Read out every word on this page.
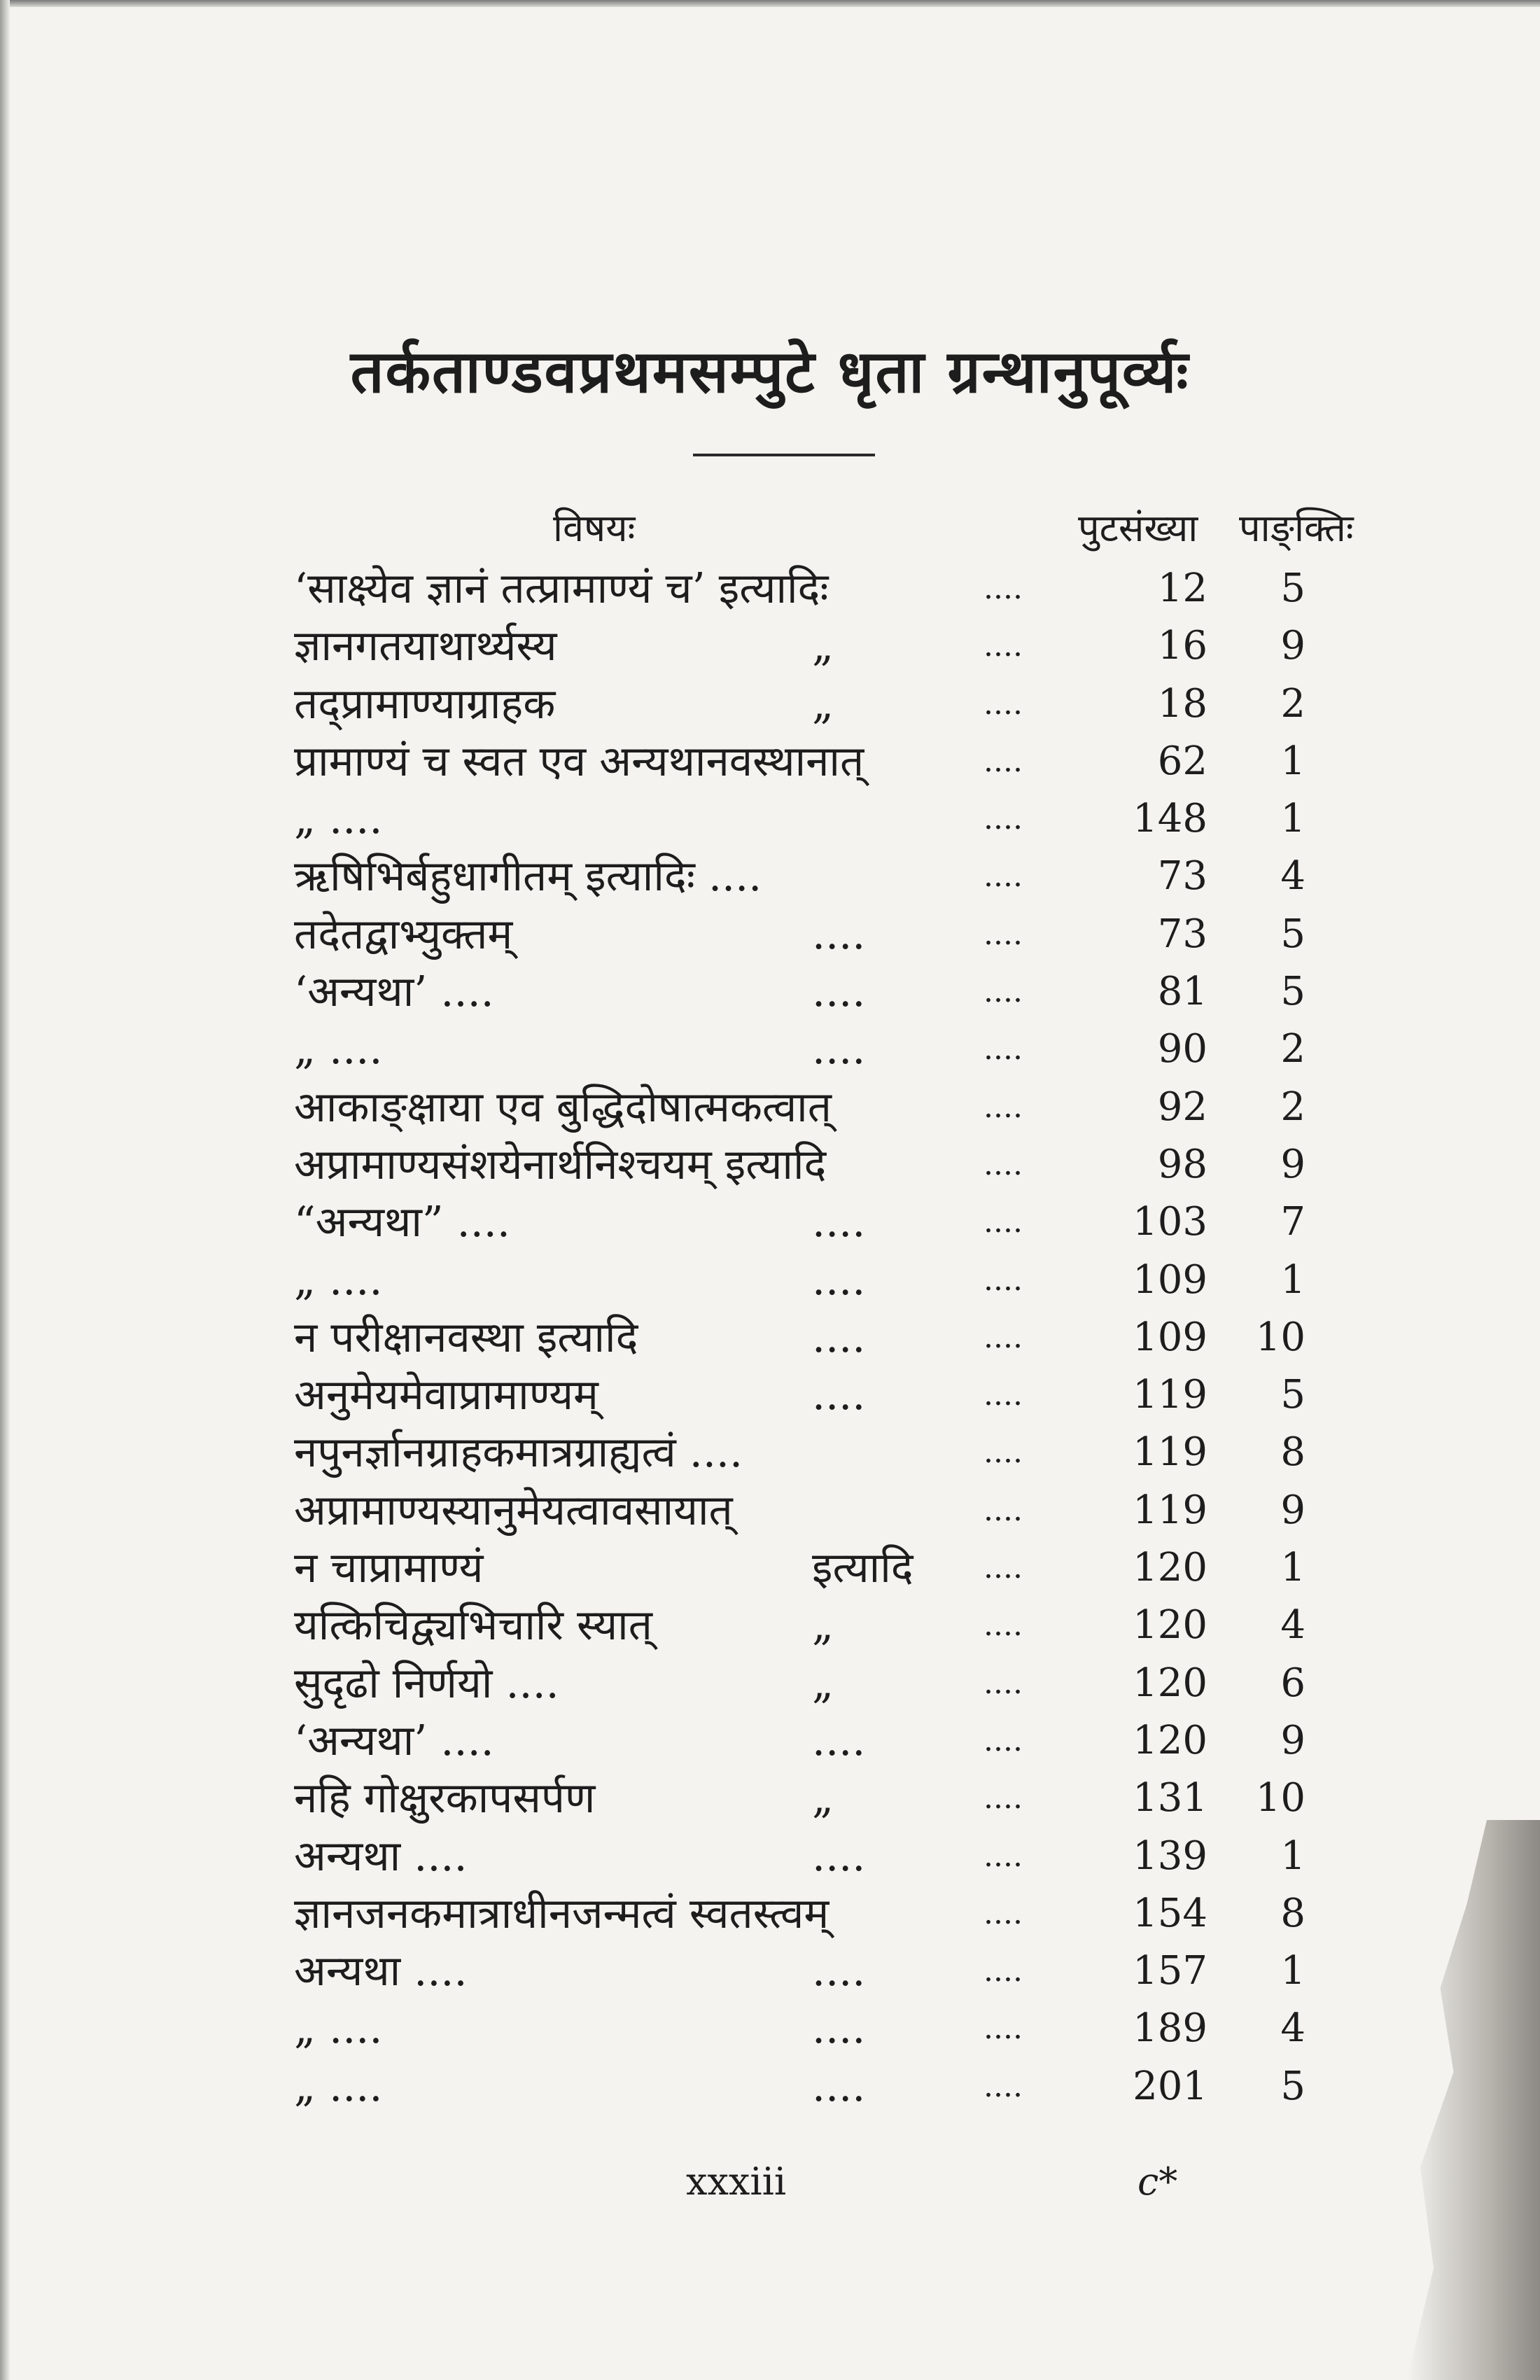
तर्कताण्डवप्रथमसम्पुटे धृता ग्रन्थानुपूर्व्यः
विषयः	पुटसंख्या पाङ्क्तिः
‘साक्ष्येव ज्ञानं तत्प्रामाण्यं च’ इत्यादिः	....	12	5
ज्ञानगतयाथार्थ्यस्य	„	....	16	9
तद्प्रामाण्याग्राहक	„	....	18	2
प्रामाण्यं च स्वत एव अन्यथानवस्थानात्	....	62	1
„ ....	....	148	1
ऋषिभिर्बहुधागीतम् इत्यादिः ....	....	73	4
तदेतद्वाभ्युक्तम्	....	....	73	5
‘अन्यथा’ ....	....	....	81	5
„ ....	....	....	90	2
आकाङ्क्षाया एव बुद्धिदोषात्मकत्वात्	....	92	2
अप्रामाण्यसंशयेनार्थनिश्चयम् इत्यादि	....	98	9
“अन्यथा” ....	....	....	103	7
„ ....	....	....	109	1
न परीक्षानवस्था इत्यादि	....	....	109	10
अनुमेयमेवाप्रामाण्यम्	....	....	119	5
नपुनर्ज्ञानग्राहकमात्रग्राह्यत्वं ....	....	119	8
अप्रामाण्यस्यानुमेयत्वावसायात्	....	119	9
न चाप्रामाण्यं	इत्यादि ....	120	1
यत्किचिद्व्यभिचारि स्यात्	„	....	120	4
सुदृढो निर्णयो ....	„	....	120	6
‘अन्यथा’ ....	....	....	120	9
नहि गोक्षुरकापसर्पण	„	....	131	10
अन्यथा ....	....	....	139	1
ज्ञानजनकमात्राधीनजन्मत्वं स्वतस्त्वम्	....	154	8
अन्यथा ....	....	....	157	1
„ ....	....	....	189	4
„ ....	....	....	201	5
xxxiii	c*
